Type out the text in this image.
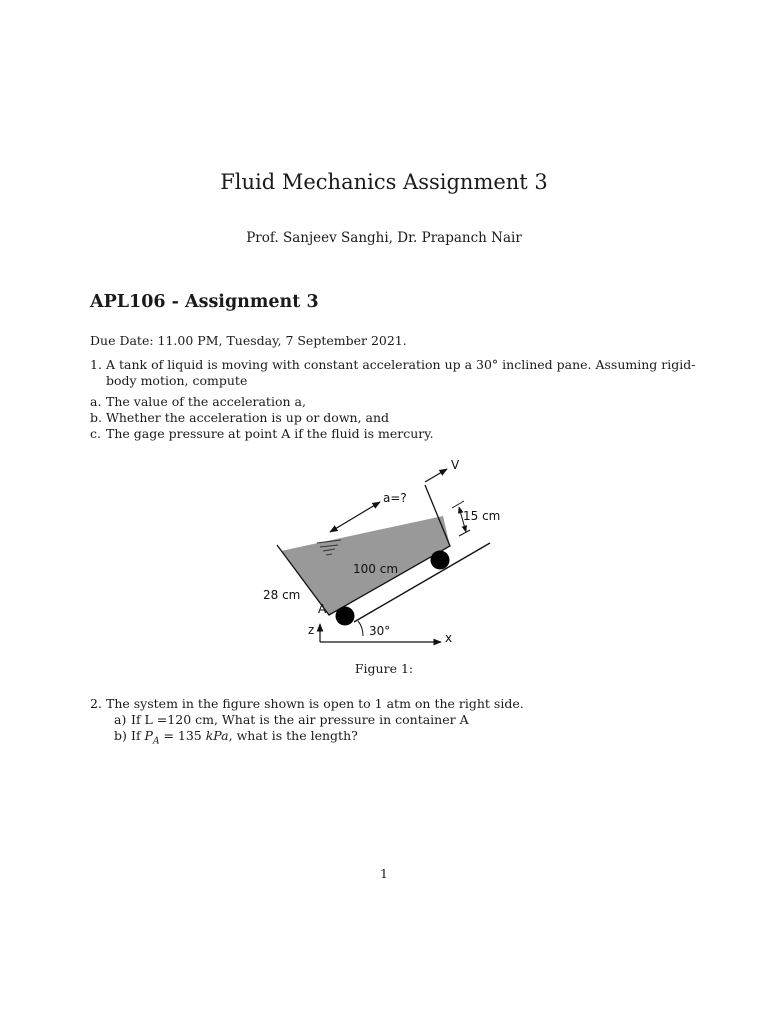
Fluid Mechanics Assignment 3
Prof. Sanjeev Sanghi, Dr. Prapanch Nair
APL106 - Assignment 3
Due Date: 11.00 PM, Tuesday, 7 September 2021.
1. A tank of liquid is moving with constant acceleration up a 30° inclined pane. Assuming rigid-body motion, compute
a. The value of the acceleration a,
b. Whether the acceleration is up or down, and
c. The gage pressure at point A if the fluid is mercury.
V
a=?
15 cm
100 cm
28 cm
A
z	30°	x
Figure 1:
2. The system in the figure shown is open to 1 atm on the right side.
a) If L =120 cm, What is the air pressure in container A
b) If $P_A = 135$ kPa, what is the length?
1
